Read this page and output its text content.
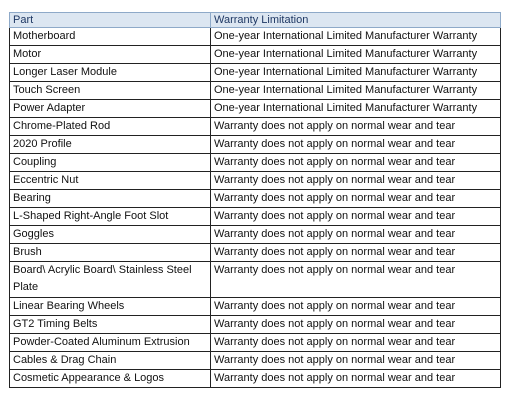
Part	Warranty Limitation
Motherboard	One-year International Limited Manufacturer Warranty
Motor	One-year International Limited Manufacturer Warranty
Longer Laser Module	One-year International Limited Manufacturer Warranty
Touch Screen	One-year International Limited Manufacturer Warranty
Power Adapter	One-year International Limited Manufacturer Warranty
Chrome-Plated Rod	Warranty does not apply on normal wear and tear
2020 Profile	Warranty does not apply on normal wear and tear
Coupling	Warranty does not apply on normal wear and tear
Eccentric Nut	Warranty does not apply on normal wear and tear
Bearing	Warranty does not apply on normal wear and tear
L-Shaped Right-Angle Foot Slot	Warranty does not apply on normal wear and tear
Goggles	Warranty does not apply on normal wear and tear
Brush	Warranty does not apply on normal wear and tear
Board\ Acrylic Board\ Stainless Steel Plate	Warranty does not apply on normal wear and tear
Linear Bearing Wheels	Warranty does not apply on normal wear and tear
GT2 Timing Belts	Warranty does not apply on normal wear and tear
Powder-Coated Aluminum Extrusion	Warranty does not apply on normal wear and tear
Cables & Drag Chain	Warranty does not apply on normal wear and tear
Cosmetic Appearance & Logos	Warranty does not apply on normal wear and tear
